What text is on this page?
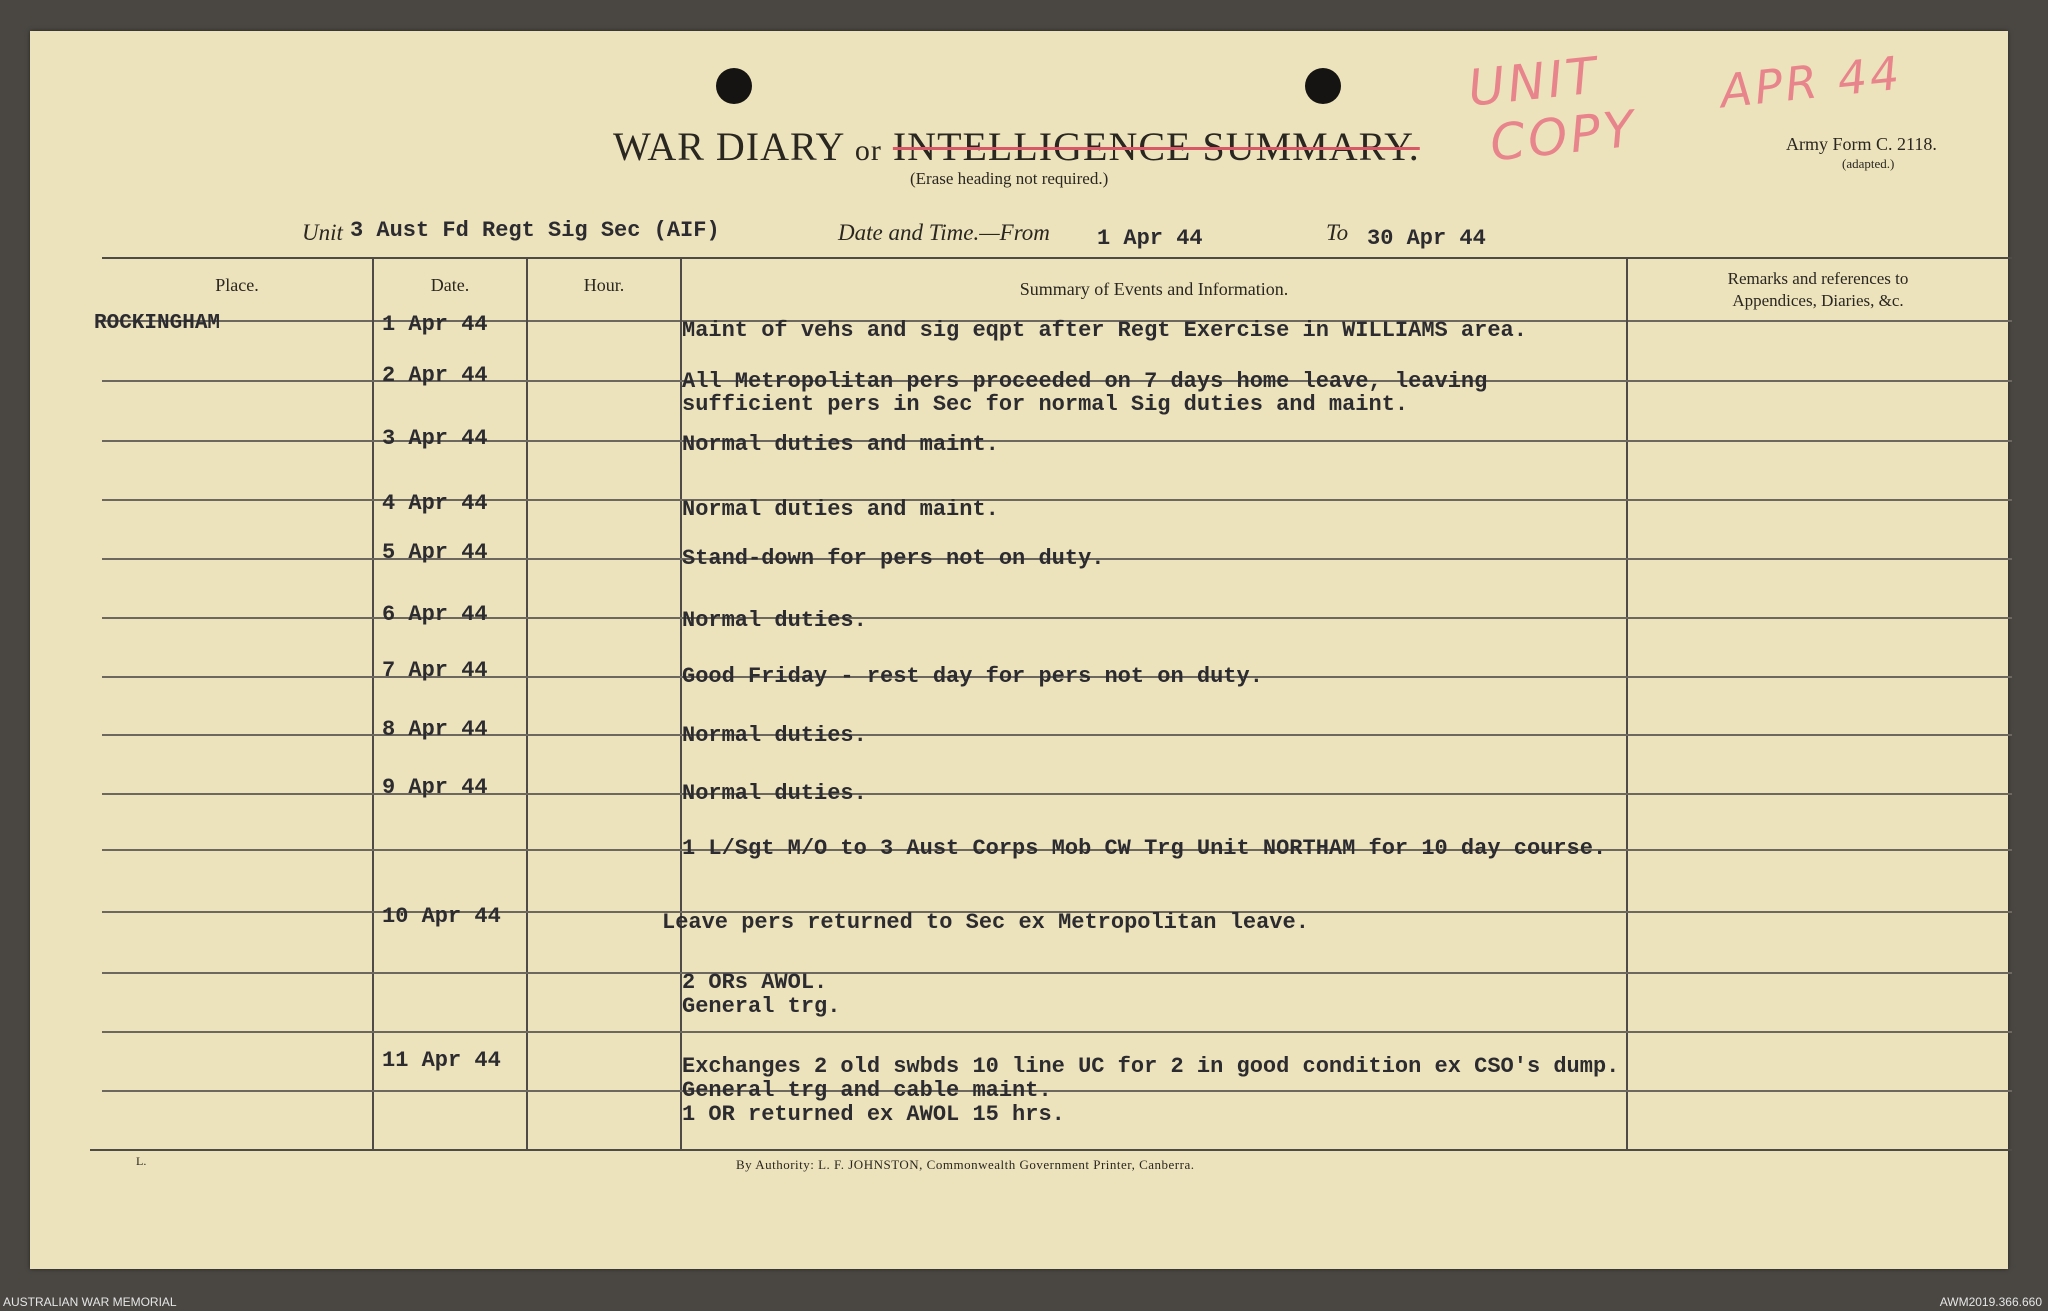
WAR DIARY or INTELLIGENCE SUMMARY.
(Erase heading not required.)
Army Form C. 2118.
(adapted.)
UNIT
COPY
APR 44
Unit 3 Aust Fd Regt Sig Sec (AIF)	Date and Time.—From 1 Apr 44	To 30 Apr 44
Place.	Date.	Hour.	Summary of Events and Information.
Remarks and references to
Appendices, Diaries, &c.
ROCKINGHAM	1 Apr 44	Maint of vehs and sig eqpt after Regt Exercise in WILLIAMS area.
2 Apr 44	All Metropolitan pers proceeded on 7 days home leave, leaving
sufficient pers in Sec for normal Sig duties and maint.
3 Apr 44	Normal duties and maint.
4 Apr 44	Normal duties and maint.
5 Apr 44	Stand-down for pers not on duty.
6 Apr 44	Normal duties.
7 Apr 44	Good Friday - rest day for pers not on duty.
8 Apr 44	Normal duties.
9 Apr 44	Normal duties.
1 L/Sgt M/O to 3 Aust Corps Mob CW Trg Unit NORTHAM for 10 day course.
10 Apr 44	Leave pers returned to Sec ex Metropolitan leave.
2 ORs AWOL.
General trg.
11 Apr 44	Exchanges 2 old swbds 10 line UC for 2 in good condition ex CSO's dump.
General trg and cable maint.
1 OR returned ex AWOL 15 hrs.
L.	By Authority: L. F. JOHNSTON, Commonwealth Government Printer, Canberra.
AUSTRALIAN WAR MEMORIAL	AWM2019.366.660
